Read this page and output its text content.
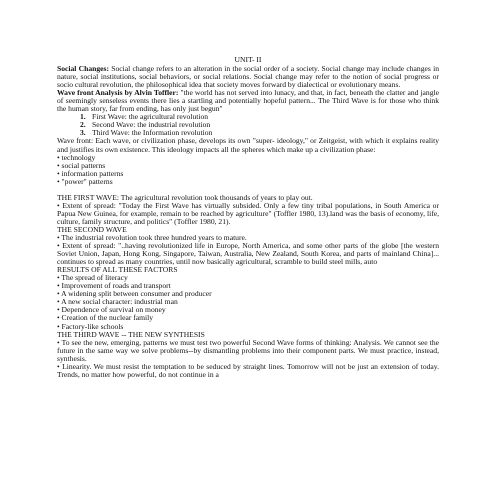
UNIT- II

Social Changes: Social change refers to an alteration in the social order of a society. Social change may include changes in nature, social institutions, social behaviors, or social relations. Social change may refer to the notion of social progress or socio cultural revolution, the philosophical idea that society moves forward by dialectical or evolutionary means.

Wave front Analysis by Alvin Toffler: "the world has not served into lunacy, and that, in fact, beneath the clatter and jangle of seemingly senseless events there lies a startling and potentially hopeful pattern... The Third Wave is for those who think the human story, far from ending, has only just begun"

1. First Wave: the agricultural revolution
2. Second Wave: the industrial revolution
3. Third Wave: the Information revolution

Wave front: Each wave, or civilization phase, develops its own "super- ideology," or Zeitgeist, with which it explains reality and justifies its own existence. This ideology impacts all the spheres which make up a civilization phase:

• technology
• social patterns
• information patterns
• "power" patterns

THE FIRST WAVE: The agricultural revolution took thousands of years to play out.

• Extent of spread: "Today the First Wave has virtually subsided. Only a few tiny tribal populations, in South America or Papua New Guinea, for example, remain to be reached by agriculture" (Toffler 1980, 13).land was the basis of economy, life, culture, family structure, and politics" (Toffler 1980, 21).

THE SECOND WAVE

• The industrial revolution took three hundred years to mature.

• Extent of spread: "..having revolutionized life in Europe, North America, and some other parts of the globe [the western Soviet Union, Japan, Hong Kong, Singapore, Taiwan, Australia, New Zealand, South Korea, and parts of mainland China]... continues to spread as many countries, until now basically agricultural, scramble to build steel mills, auto

RESULTS OF ALL THESE FACTORS

• The spread of literacy
• Improvement of roads and transport
• A widening split between consumer and producer
• A new social character: industrial man
• Dependence of survival on money
• Creation of the nuclear family
• Factory-like schools

THE THIRD WAVE -- THE NEW SYNTHESIS

• To see the new, emerging, patterns we must test two powerful Second Wave forms of thinking: Analysis. We cannot see the future in the same way we solve problems--by dismantling problems into their component parts. We must practice, instead, synthesis.

• Linearity. We must resist the temptation to be seduced by straight lines. Tomorrow will not be just an extension of today. Trends, no matter how powerful, do not continue in a
